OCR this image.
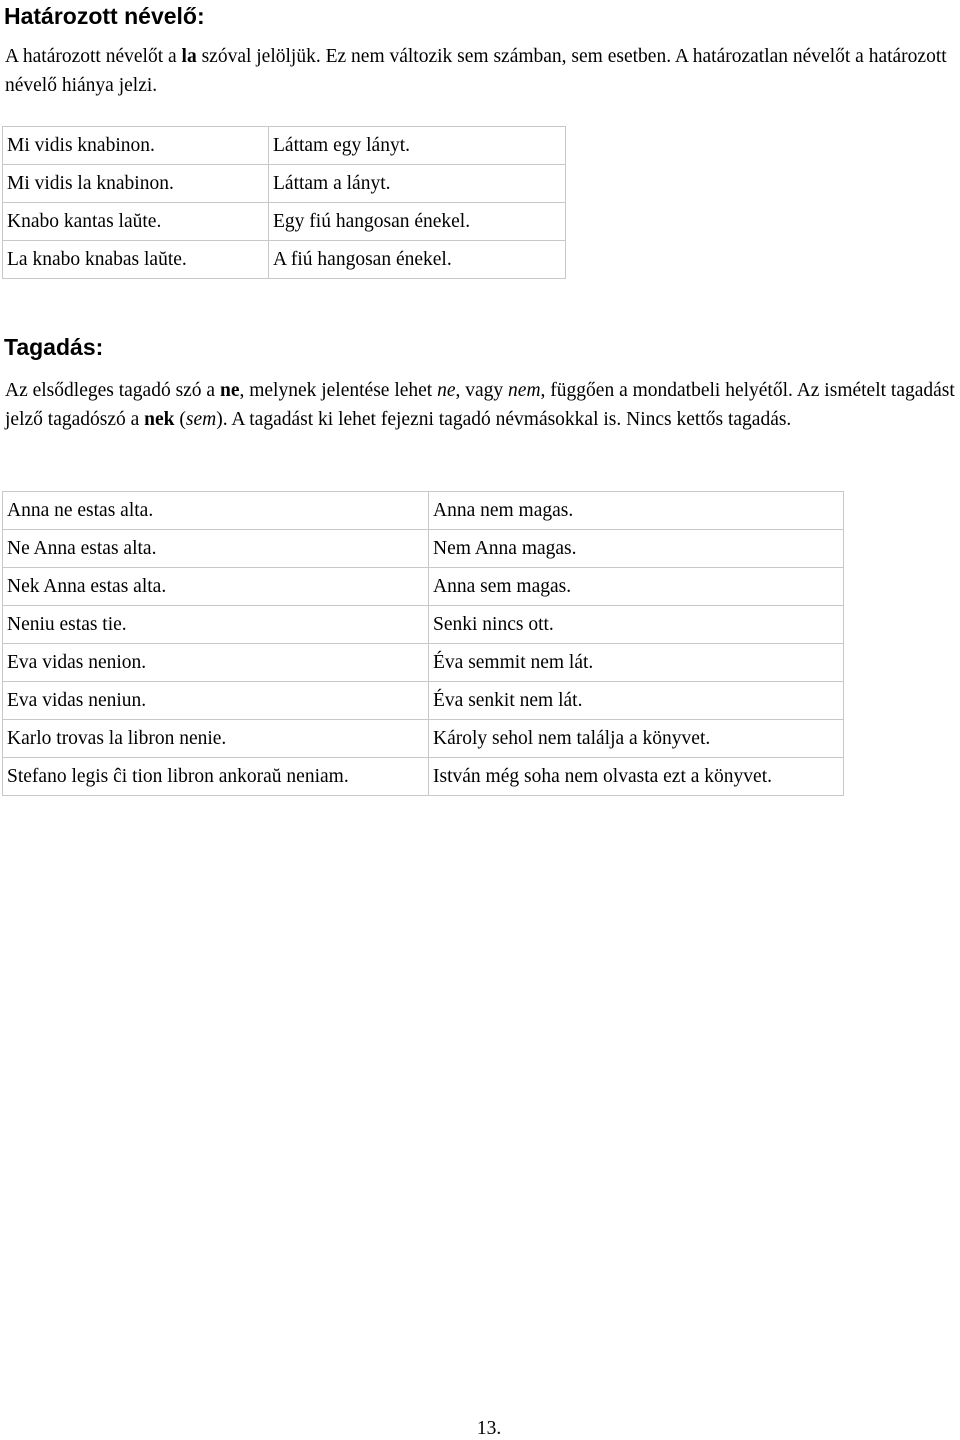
Határozott névelő:

A határozott névelőt a la szóval jelöljük. Ez nem változik sem számban, sem esetben. A határozatlan névelőt a határozott névelő hiánya jelzi.

Mi vidis knabinon.	Láttam egy lányt.
Mi vidis la knabinon.	Láttam a lányt.
Knabo kantas laŭte.	Egy fiú hangosan énekel.
La knabo knabas laŭte.	A fiú hangosan énekel.
Tagadás:

Az elsődleges tagadó szó a ne, melynek jelentése lehet ne, vagy nem, függően a mondatbeli helyétől. Az ismételt tagadást jelző tagadószó a nek (sem). A tagadást ki lehet fejezni tagadó névmásokkal is. Nincs kettős tagadás.

Anna ne estas alta.	Anna nem magas.
Ne Anna estas alta.	Nem Anna magas.
Nek Anna estas alta.	Anna sem magas.
Neniu estas tie.	Senki nincs ott.
Eva vidas nenion.	Éva semmit nem lát.
Eva vidas neniun.	Éva senkit nem lát.
Karlo trovas la libron nenie.	Károly sehol nem találja a könyvet.
Stefano legis ĉi tion libron ankoraŭ neniam.	István még soha nem olvasta ezt a könyvet.
13.
